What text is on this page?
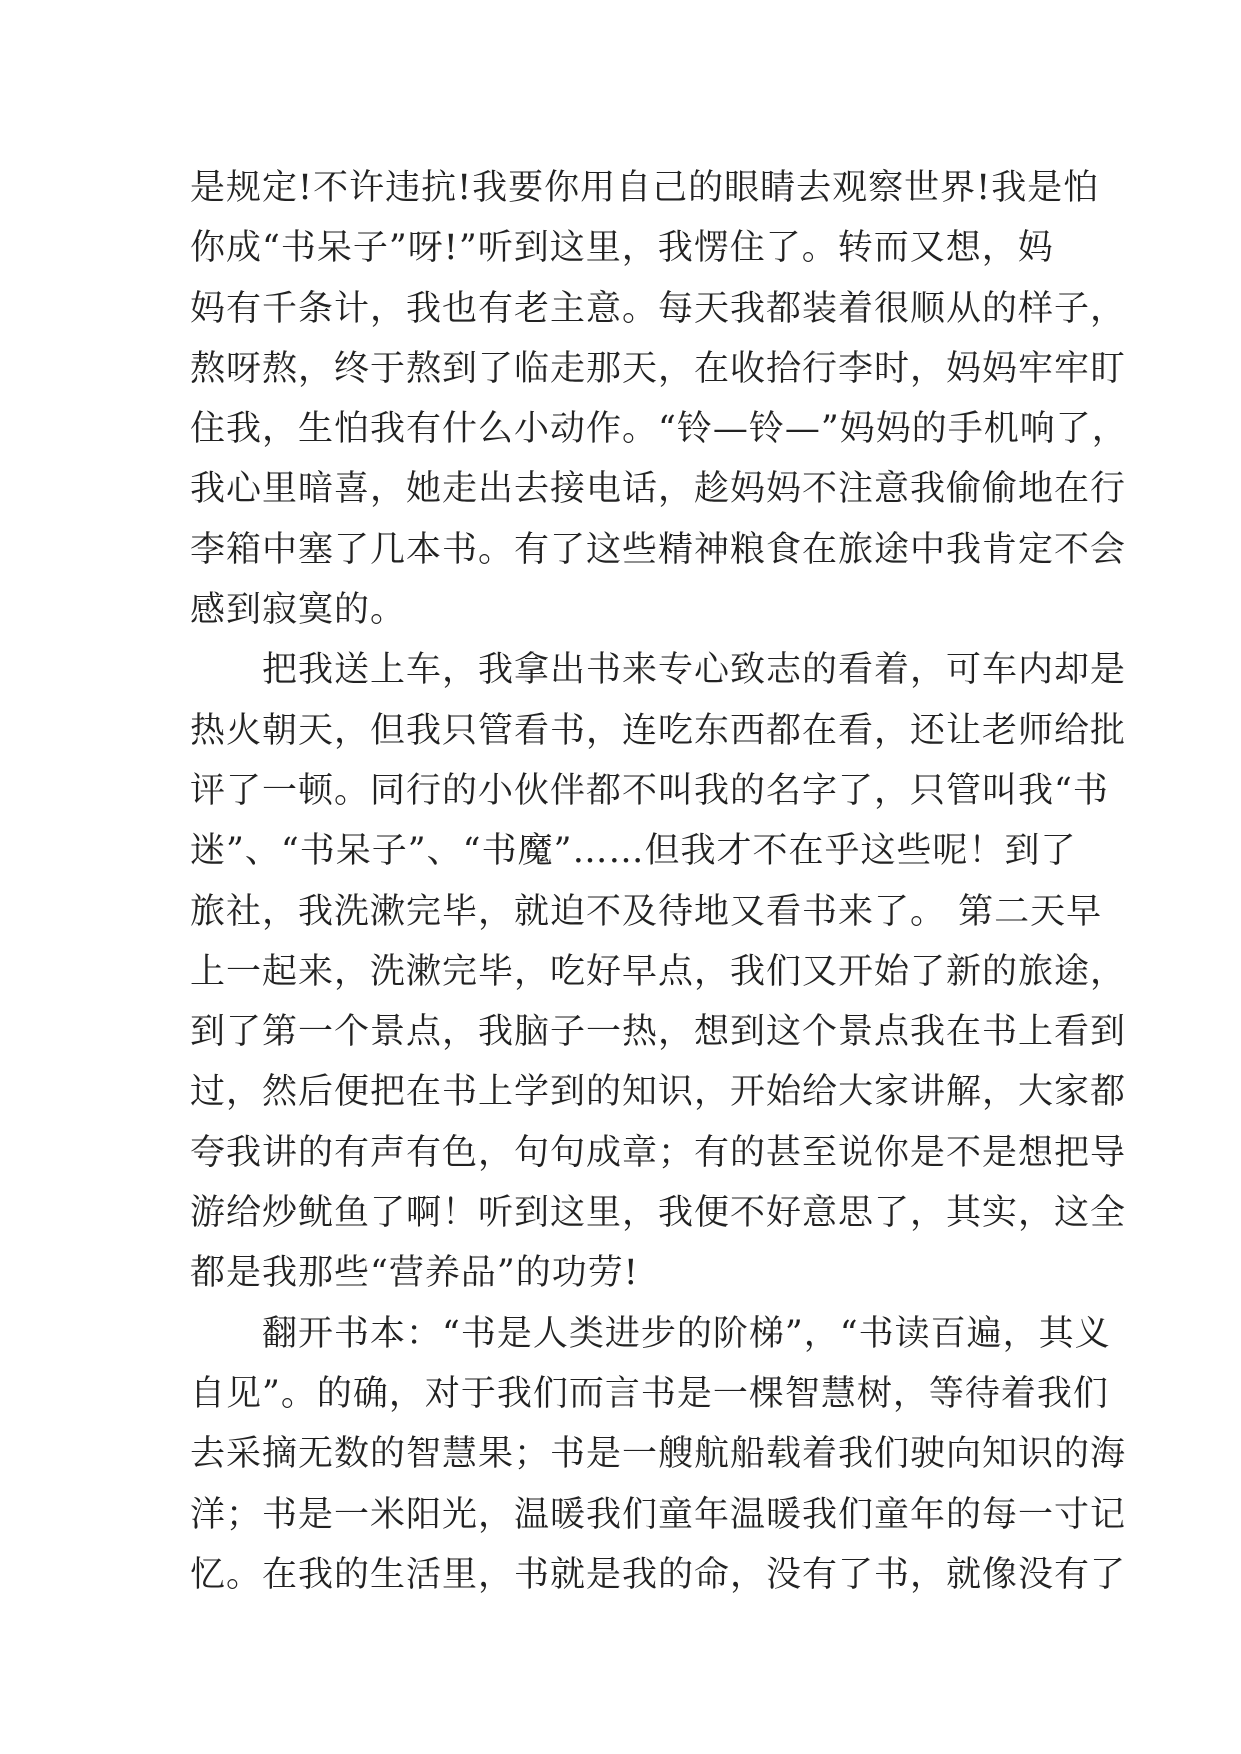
是规定!不许违抗!我要你用自己的眼睛去观察世界!我是怕
你成“书呆子”呀!”听到这里，我愣住了。转而又想，妈
妈有千条计，我也有老主意。每天我都装着很顺从的样子，
熬呀熬，终于熬到了临走那天，在收拾行李时，妈妈牢牢盯
住我，生怕我有什么小动作。“铃—铃—”妈妈的手机响了，
我心里暗喜，她走出去接电话，趁妈妈不注意我偷偷地在行
李箱中塞了几本书。有了这些精神粮食在旅途中我肯定不会
感到寂寞的。
　　把我送上车，我拿出书来专心致志的看着，可车内却是
热火朝天，但我只管看书，连吃东西都在看，还让老师给批
评了一顿。同行的小伙伴都不叫我的名字了，只管叫我“书
迷”、“书呆子”、“书魔”……但我才不在乎这些呢！到了
旅社，我洗漱完毕，就迫不及待地又看书来了。 第二天早
上一起来，洗漱完毕，吃好早点，我们又开始了新的旅途，
到了第一个景点，我脑子一热，想到这个景点我在书上看到
过，然后便把在书上学到的知识，开始给大家讲解，大家都
夸我讲的有声有色，句句成章；有的甚至说你是不是想把导
游给炒鱿鱼了啊！听到这里，我便不好意思了，其实，这全
都是我那些“营养品”的功劳!
　　翻开书本：“书是人类进步的阶梯”，“书读百遍，其义
自见”。的确，对于我们而言书是一棵智慧树，等待着我们
去采摘无数的智慧果；书是一艘航船载着我们驶向知识的海
洋；书是一米阳光，温暖我们童年温暖我们童年的每一寸记
忆。在我的生活里，书就是我的命，没有了书，就像没有了
